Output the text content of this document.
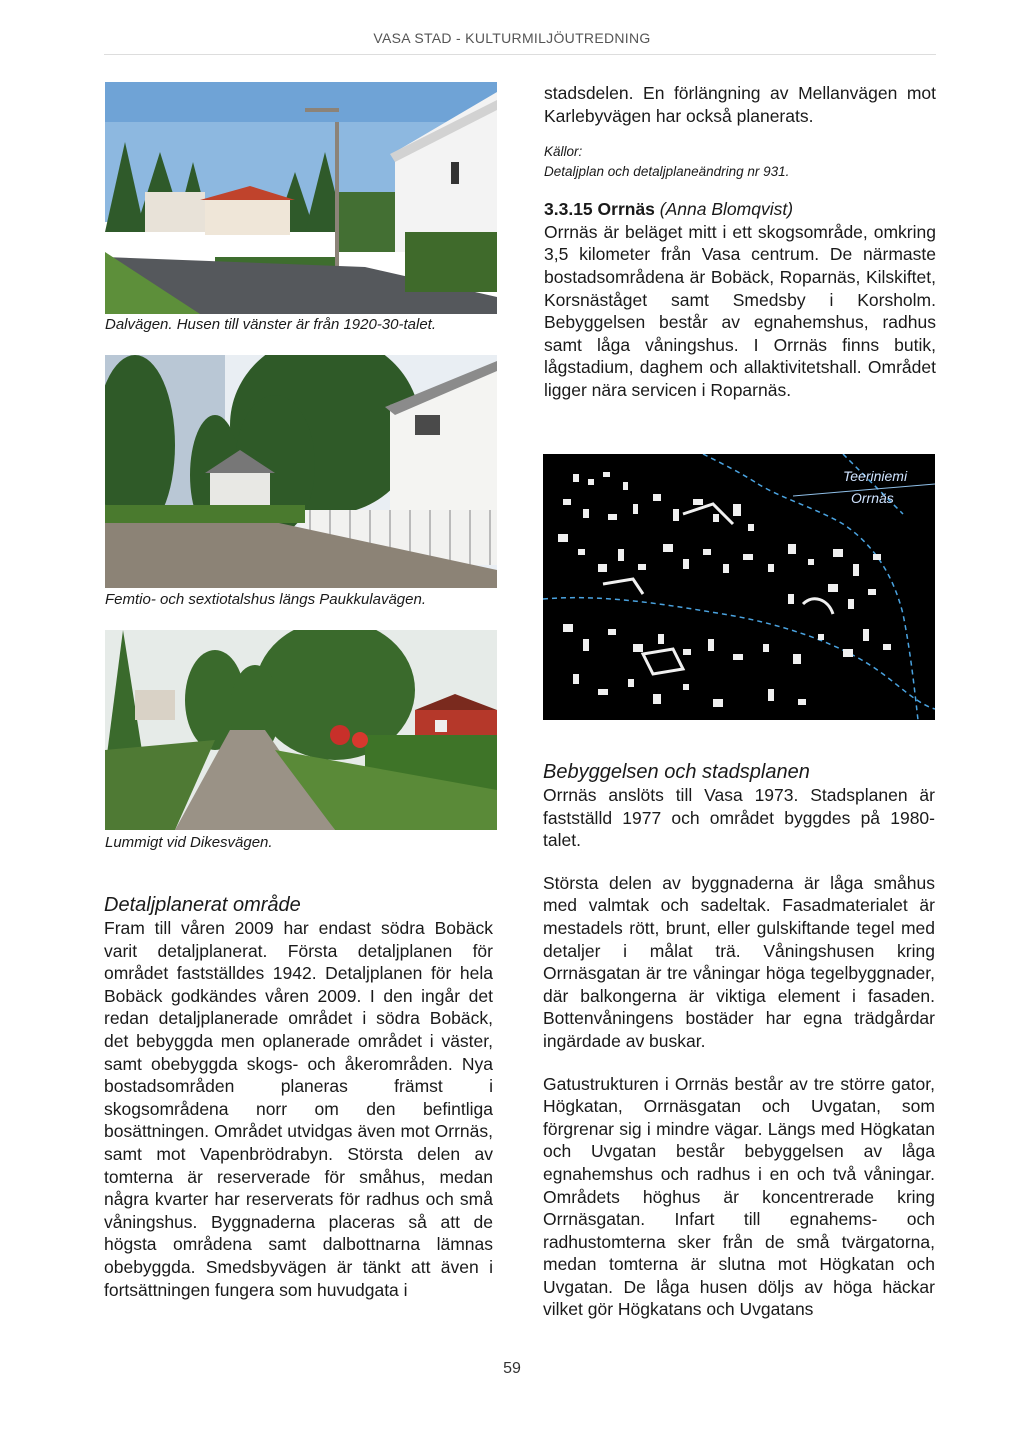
VASA STAD - KULTURMILJÖUTREDNING
Dalvägen. Husen till vänster är från 1920-30-talet.
Femtio- och sextiotalshus längs Paukkulavägen.
Lummigt vid Dikesvägen.

Detaljplanerat område

Fram till våren 2009 har endast södra Bobäck varit detaljplanerat. Första detaljplanen för området fastställdes 1942. Detaljplanen för hela Bobäck godkändes våren 2009. I den ingår det redan detaljplanerade området i södra Bobäck, det bebyggda men oplanerade området i väster, samt obebyggda skogs- och åkerområden. Nya bostadsområden planeras främst i skogsområdena norr om den befintliga bosättningen. Området utvidgas även mot Orrnäs, samt mot Vapenbrödrabyn. Största delen av tomterna är reserverade för småhus, medan några kvarter har reserverats för radhus och små våningshus. Byggnaderna placeras så att de högsta områdena samt dalbottnarna lämnas obebyggda. Smedsbyvägen är tänkt att även i fortsättningen fungera som huvudgata i

stadsdelen. En förlängning av Mellanvägen mot Karlebyvägen har också planerats.

Källor:

Detaljplan och detaljplaneändring nr 931.

3.3.15 Orrnäs (Anna Blomqvist)

Orrnäs är beläget mitt i ett skogsområde, omkring 3,5 kilometer från Vasa centrum. De närmaste bostadsområdena är Bobäck, Roparnäs, Kilskiftet, Korsnäståget samt Smedsby i Korsholm. Bebyggelsen består av egnahemshus, radhus samt låga våningshus. I Orrnäs finns butik, lågstadium, daghem och allaktivitetshall. Området ligger nära servicen i Roparnäs.

Teeriniemi
Orrnäs

Bebyggelsen och stadsplanen

Orrnäs anslöts till Vasa 1973. Stadsplanen är fastställd 1977 och området byggdes på 1980-talet.

Största delen av byggnaderna är låga småhus med valmtak och sadeltak. Fasadmaterialet är mestadels rött, brunt, eller gulskiftande tegel med detaljer i målat trä. Våningshusen kring Orrnäsgatan är tre våningar höga tegelbyggnader, där balkongerna är viktiga element i fasaden. Bottenvåningens bostäder har egna trädgårdar ingärdade av buskar.

Gatustrukturen i Orrnäs består av tre större gator, Högkatan, Orrnäsgatan och Uvgatan, som förgrenar sig i mindre vägar. Längs med Högkatan och Uvgatan består bebyggelsen av låga egnahemshus och radhus i en och två våningar. Områdets höghus är koncentrerade kring Orrnäsgatan. Infart till egnahems- och radhustomterna sker från de små tvärgatorna, medan tomterna är slutna mot Högkatan och Uvgatan. De låga husen döljs av höga häckar vilket gör Högkatans och Uvgatans

59
